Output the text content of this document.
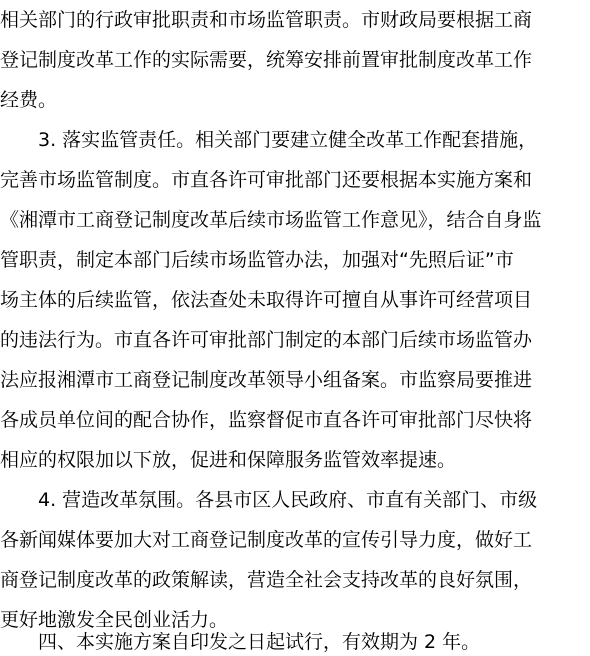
相关部门的行政审批职责和市场监管职责。市财政局要根据工商
登记制度改革工作的实际需要，统筹安排前置审批制度改革工作
经费。
3. 落实监管责任。相关部门要建立健全改革工作配套措施，
完善市场监管制度。市直各许可审批部门还要根据本实施方案和
《湘潭市工商登记制度改革后续市场监管工作意见》，结合自身监
管职责，制定本部门后续市场监管办法，加强对“先照后证”市
场主体的后续监管，依法查处未取得许可擅自从事许可经营项目
的违法行为。市直各许可审批部门制定的本部门后续市场监管办
法应报湘潭市工商登记制度改革领导小组备案。市监察局要推进
各成员单位间的配合协作，监察督促市直各许可审批部门尽快将
相应的权限加以下放，促进和保障服务监管效率提速。
4. 营造改革氛围。各县市区人民政府、市直有关部门、市级
各新闻媒体要加大对工商登记制度改革的宣传引导力度，做好工
商登记制度改革的政策解读，营造全社会支持改革的良好氛围，
更好地激发全民创业活力。
四、本实施方案自印发之日起试行，有效期为 2 年。
